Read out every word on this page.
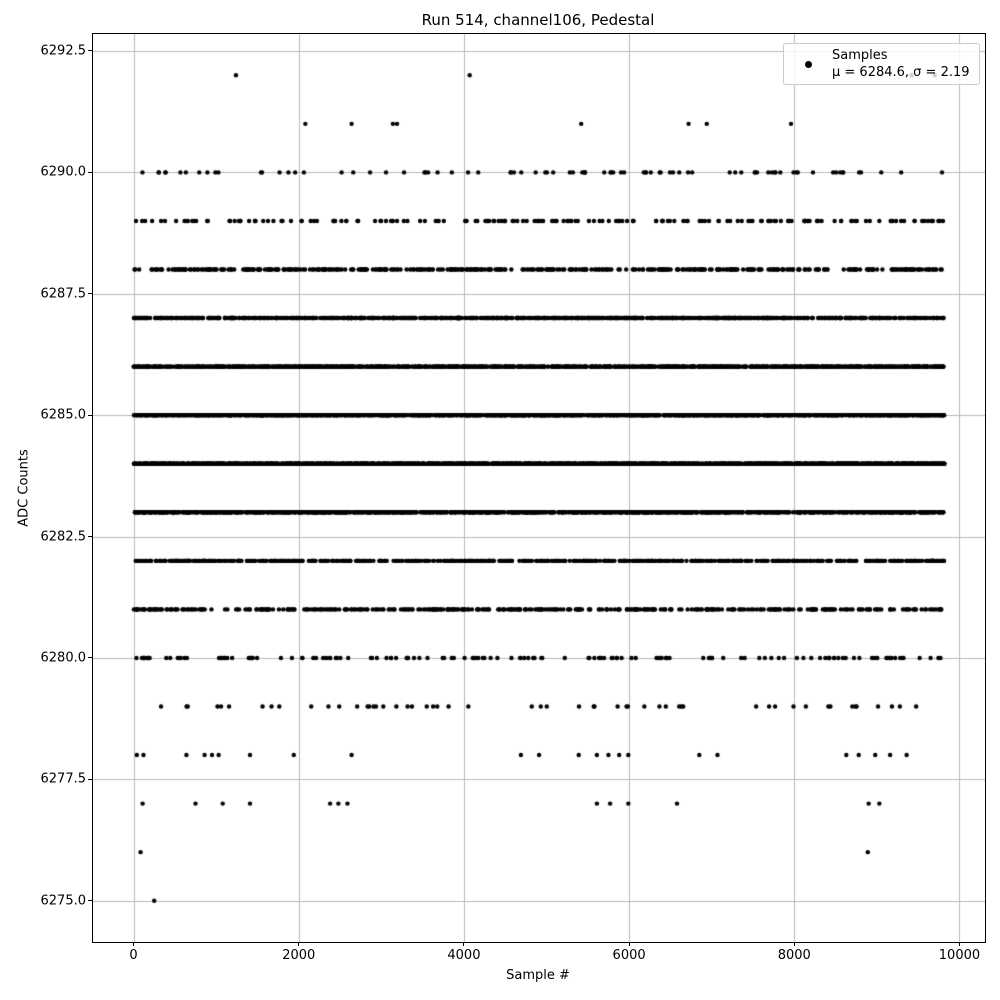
Run 514, channel106, Pedestal
0	2000	4000	6000	8000	10000
6275.0
6277.5
6280.0
6282.5
6285.0
6287.5
6290.0
6292.5
Sample #
ADC Counts
Samples
μ = 6284.6, σ = 2.19
